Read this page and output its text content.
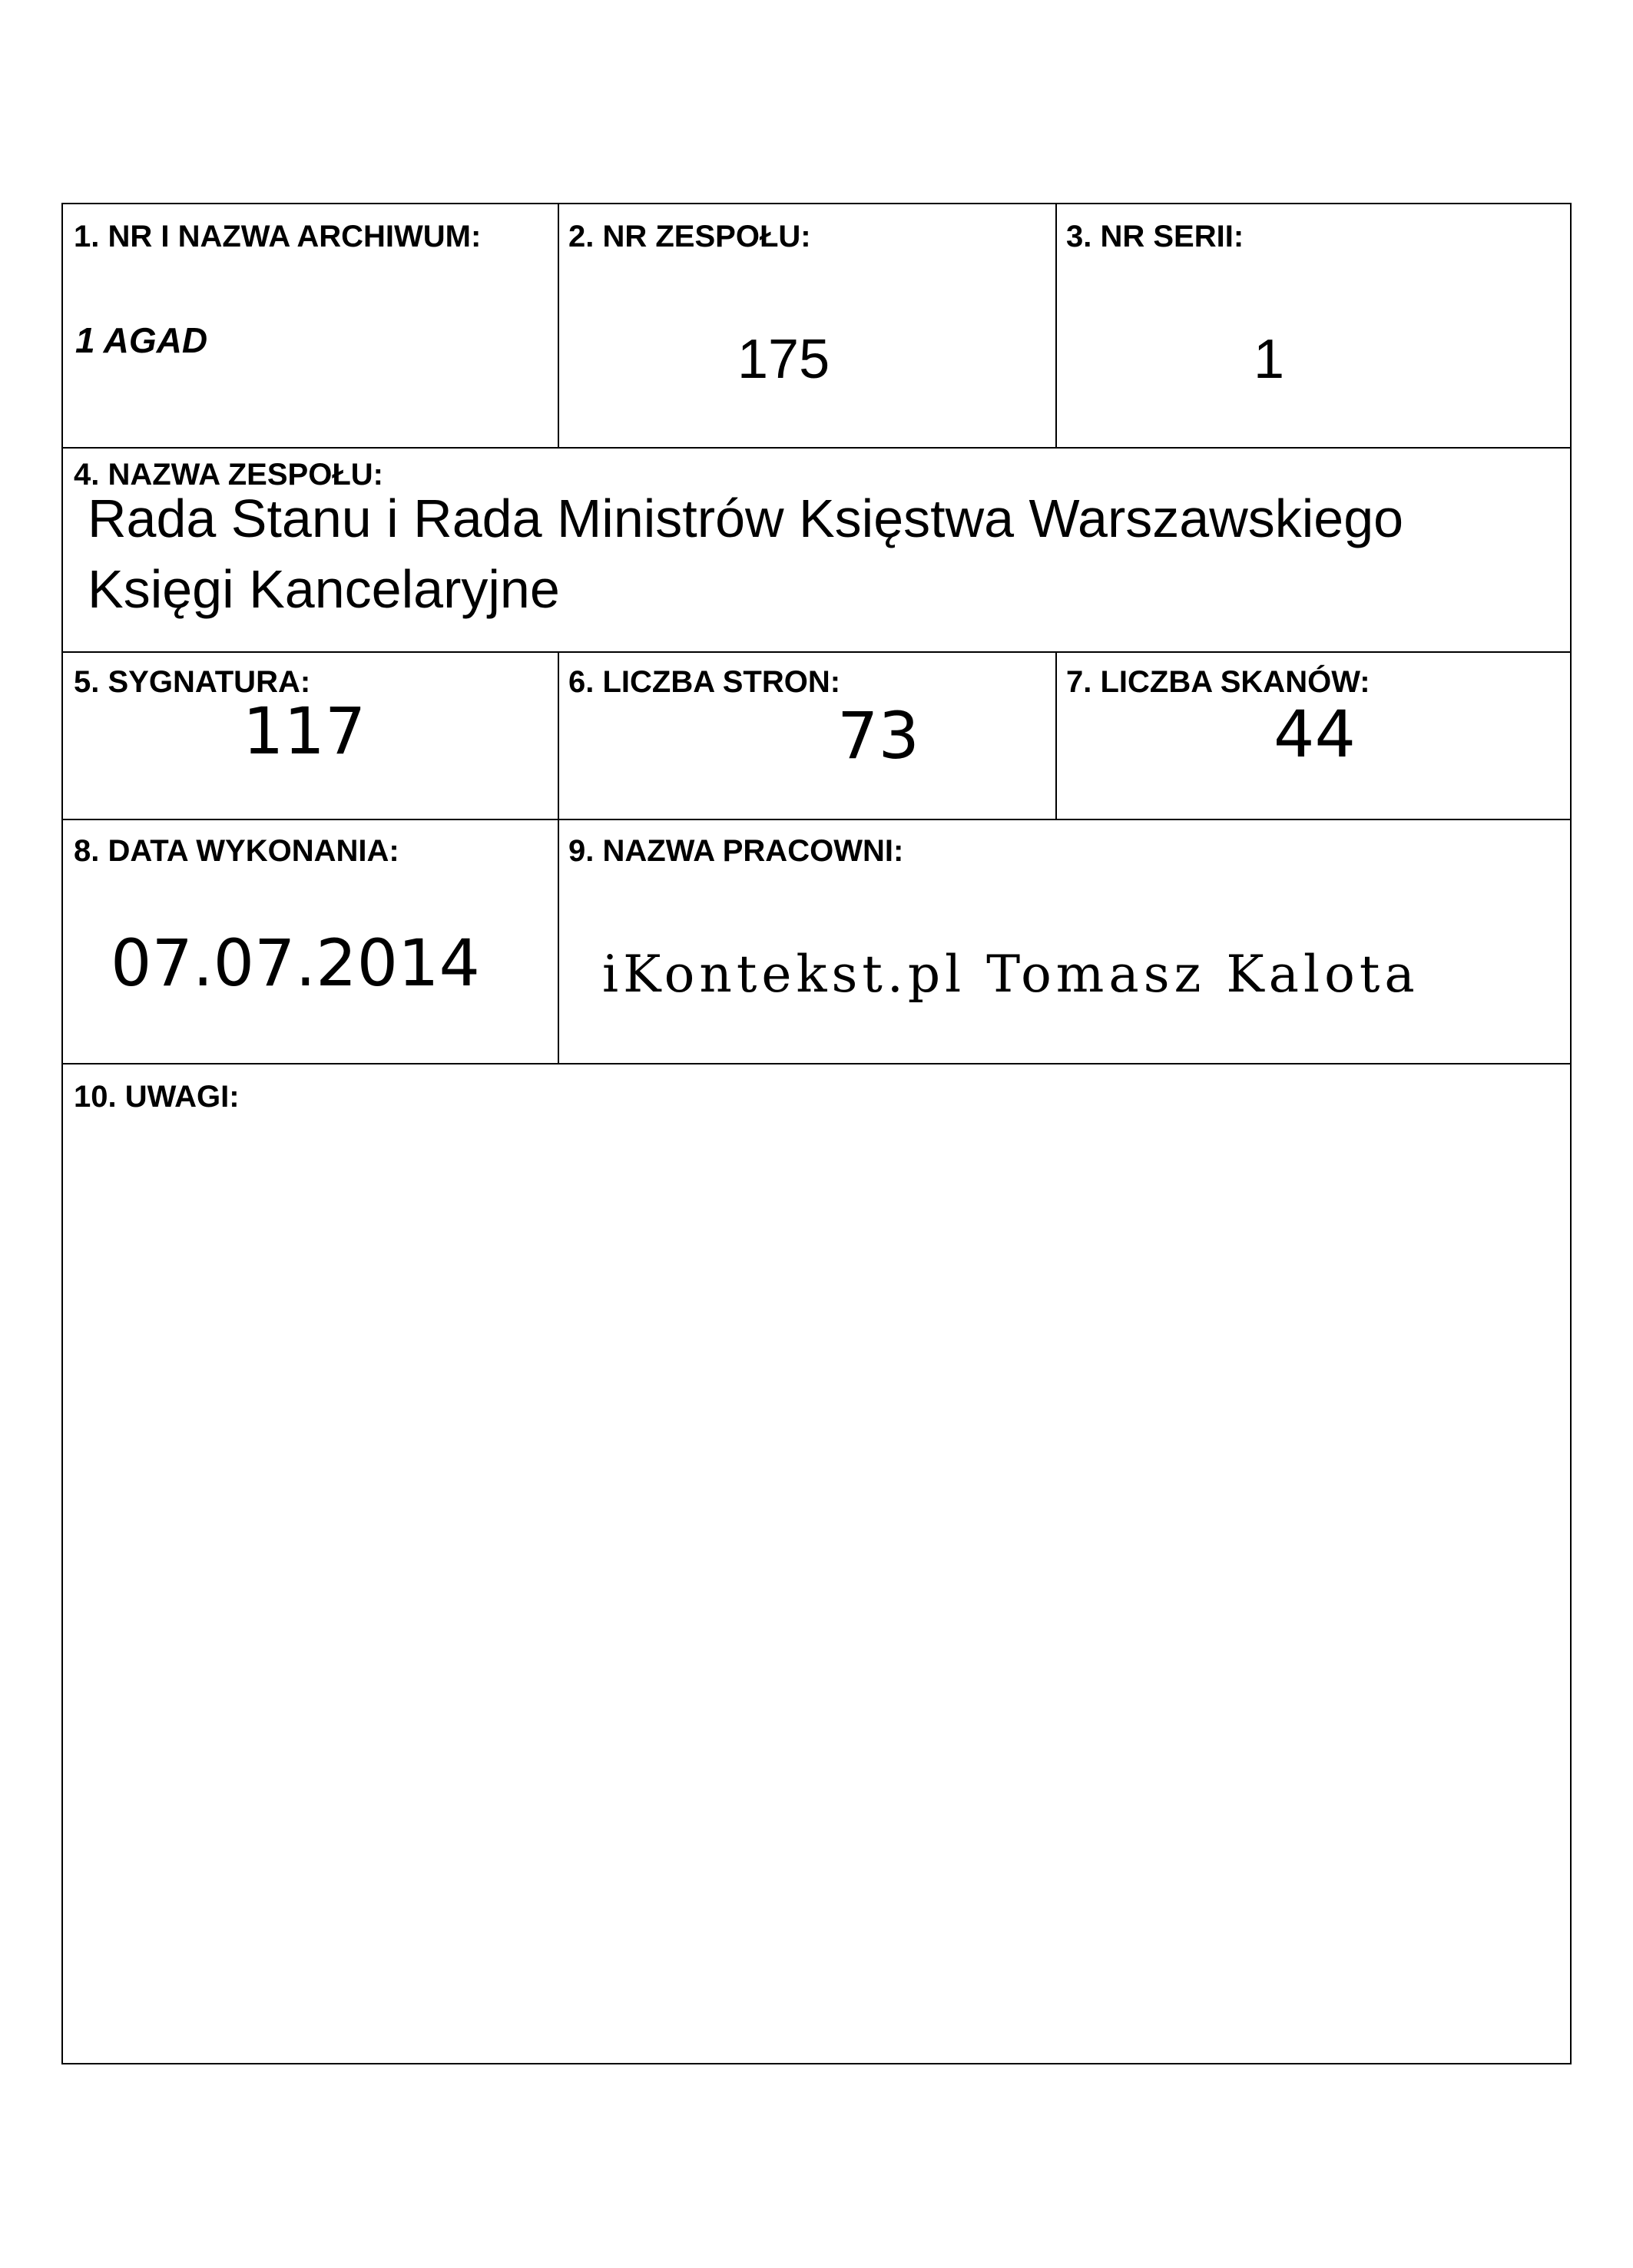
1. NR I NAZWA ARCHIWUM:
1 AGAD
2. NR ZESPOŁU:
175
3. NR SERII:
1
4. NAZWA ZESPOŁU:
Rada Stanu i Rada Ministrów Księstwa Warszawskiego
Księgi Kancelaryjne
5. SYGNATURA:
117
6. LICZBA STRON:
73
7. LICZBA SKANÓW:
44
8. DATA WYKONANIA:
07.07.2014
9. NAZWA PRACOWNI:
iKontekst.pl Tomasz Kalota
10. UWAGI:
